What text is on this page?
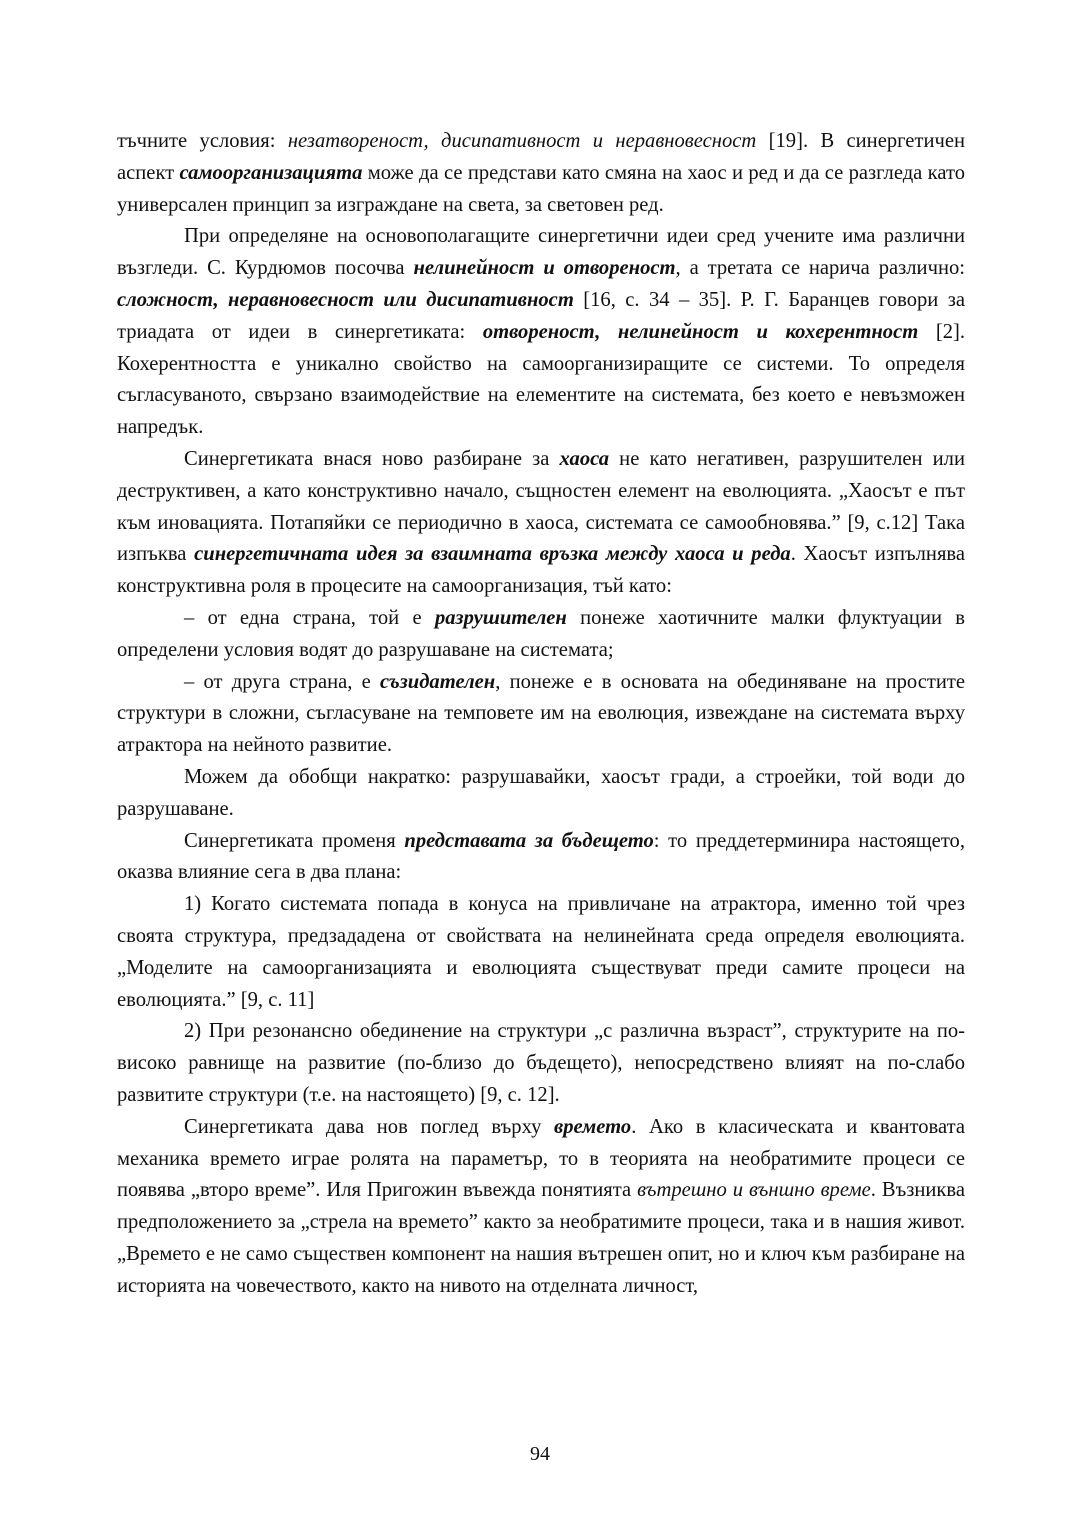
тъчните условия: незатвореност, дисипативност и неравновесност [19]. В синергетичен аспект самоорганизацията може да се представи като смяна на хаос и ред и да се разгледа като универсален принцип за изграждане на света, за световен ред.

При определяне на основополагащите синергетични идеи сред учените има различни възгледи. С. Курдюмов посочва нелинейност и отвореност, а третата се нарича различно: сложност, неравновесност или дисипативност [16, с. 34 – 35]. Р. Г. Баранцев говори за триадата от идеи в синергетиката: отвореност, нелинейност и кохерентност [2]. Кохерентността е уникално свойство на самоорганизиращите се системи. То определя съгласуваното, свързано взаимодействие на елементите на системата, без което е невъзможен напредък.

Синергетиката внася ново разбиране за хаоса не като негативен, разрушителен или деструктивен, а като конструктивно начало, същностен елемент на еволюцията. „Хаосът е път към иновацията. Потапяйки се периодично в хаоса, системата се самообновява.” [9, с.12] Така изпъква синергетичната идея за взаимната връзка между хаоса и реда. Хаосът изпълнява конструктивна роля в процесите на самоорганизация, тъй като:

– от една страна, той е разрушителен понеже хаотичните малки флуктуации в определени условия водят до разрушаване на системата;

– от друга страна, е съзидателен, понеже е в основата на обединяване на простите структури в сложни, съгласуване на темповете им на еволюция, извеждане на системата върху атрактора на нейното развитие.

Можем да обобщи накратко: разрушавайки, хаосът гради, а строейки, той води до разрушаване.

Синергетиката променя представата за бъдещето: то преддетерминира настоящето, оказва влияние сега в два плана:

1) Когато системата попада в конуса на привличане на атрактора, именно той чрез своята структура, предзададена от свойствата на нелинейната среда определя еволюцията. „Моделите на самоорганизацията и еволюцията съществуват преди самите процеси на еволюцията.” [9, с. 11]

2) При резонансно обединение на структури „с различна възраст”, структурите на по-високо равнище на развитие (по-близо до бъдещето), непосредствено влияят на по-слабо развитите структури (т.е. на настоящето) [9, с. 12].

Синергетиката дава нов поглед върху времето. Ако в класическата и квантовата механика времето играе ролята на параметър, то в теорията на необратимите процеси се появява „второ време”. Иля Пригожин въвежда понятията вътрешно и външно време. Възниква предположението за „стрела на времето” както за необратимите процеси, така и в нашия живот. „Времето е не само съществен компонент на нашия вътрешен опит, но и ключ към разбиране на историята на човечеството, както на нивото на отделната личност,

94
